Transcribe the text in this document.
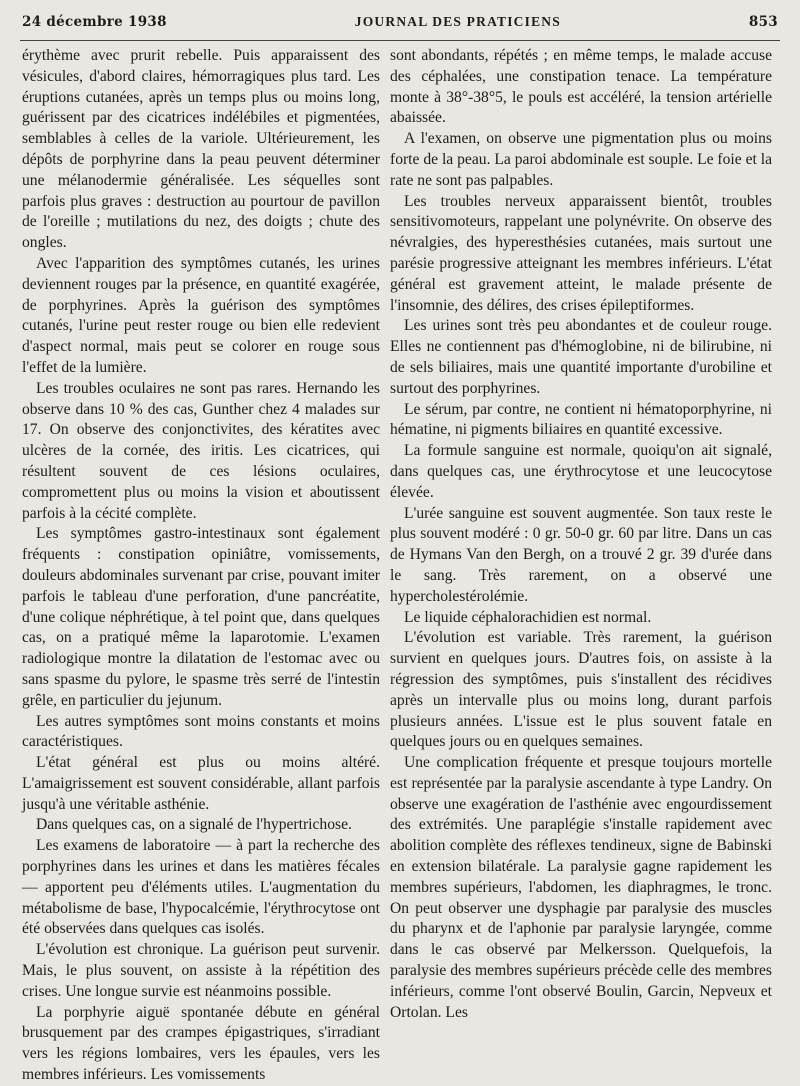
24 décembre 1938	JOURNAL DES PRATICIENS	853

érythème avec prurit rebelle. Puis apparaissent des vésicules, d'abord claires, hémorragiques plus tard. Les éruptions cutanées, après un temps plus ou moins long, guérissent par des cicatrices indélébiles et pigmentées, semblables à celles de la variole. Ultérieurement, les dépôts de porphyrine dans la peau peuvent déterminer une mélanodermie généralisée. Les séquelles sont parfois plus graves : destruction au pourtour de pavillon de l'oreille ; mutilations du nez, des doigts ; chute des ongles.

Avec l'apparition des symptômes cutanés, les urines deviennent rouges par la présence, en quantité exagérée, de porphyrines. Après la guérison des symptômes cutanés, l'urine peut rester rouge ou bien elle redevient d'aspect normal, mais peut se colorer en rouge sous l'effet de la lumière.

Les troubles oculaires ne sont pas rares. Hernando les observe dans 10 % des cas, Gunther chez 4 malades sur 17. On observe des conjonctivites, des kératites avec ulcères de la cornée, des iritis. Les cicatrices, qui résultent souvent de ces lésions oculaires, compromettent plus ou moins la vision et aboutissent parfois à la cécité complète.

Les symptômes gastro-intestinaux sont également fréquents : constipation opiniâtre, vomissements, douleurs abdominales survenant par crise, pouvant imiter parfois le tableau d'une perforation, d'une pancréatite, d'une colique néphrétique, à tel point que, dans quelques cas, on a pratiqué même la laparotomie. L'examen radiologique montre la dilatation de l'estomac avec ou sans spasme du pylore, le spasme très serré de l'intestin grêle, en particulier du jejunum.

Les autres symptômes sont moins constants et moins caractéristiques.

L'état général est plus ou moins altéré. L'amaigrissement est souvent considérable, allant parfois jusqu'à une véritable asthénie.

Dans quelques cas, on a signalé de l'hypertrichose.

Les examens de laboratoire — à part la recherche des porphyrines dans les urines et dans les matières fécales — apportent peu d'éléments utiles. L'augmentation du métabolisme de base, l'hypocalcémie, l'érythrocytose ont été observées dans quelques cas isolés.

L'évolution est chronique. La guérison peut survenir. Mais, le plus souvent, on assiste à la répétition des crises. Une longue survie est néanmoins possible.

La porphyrie aiguë spontanée débute en général brusquement par des crampes épigastriques, s'irradiant vers les régions lombaires, vers les épaules, vers les membres inférieurs. Les vomissements

sont abondants, répétés ; en même temps, le malade accuse des céphalées, une constipation tenace. La température monte à 38°-38°5, le pouls est accéléré, la tension artérielle abaissée.

A l'examen, on observe une pigmentation plus ou moins forte de la peau. La paroi abdominale est souple. Le foie et la rate ne sont pas palpables.

Les troubles nerveux apparaissent bientôt, troubles sensitivomoteurs, rappelant une polynévrite. On observe des névralgies, des hyperesthésies cutanées, mais surtout une parésie progressive atteignant les membres inférieurs. L'état général est gravement atteint, le malade présente de l'insomnie, des délires, des crises épileptiformes.

Les urines sont très peu abondantes et de couleur rouge. Elles ne contiennent pas d'hémoglobine, ni de bilirubine, ni de sels biliaires, mais une quantité importante d'urobiline et surtout des porphyrines.

Le sérum, par contre, ne contient ni hématoporphyrine, ni hématine, ni pigments biliaires en quantité excessive.

La formule sanguine est normale, quoiqu'on ait signalé, dans quelques cas, une érythrocytose et une leucocytose élevée.

L'urée sanguine est souvent augmentée. Son taux reste le plus souvent modéré : 0 gr. 50-0 gr. 60 par litre. Dans un cas de Hymans Van den Bergh, on a trouvé 2 gr. 39 d'urée dans le sang. Très rarement, on a observé une hypercholestérolémie.

Le liquide céphalorachidien est normal.

L'évolution est variable. Très rarement, la guérison survient en quelques jours. D'autres fois, on assiste à la régression des symptômes, puis s'installent des récidives après un intervalle plus ou moins long, durant parfois plusieurs années. L'issue est le plus souvent fatale en quelques jours ou en quelques semaines.

Une complication fréquente et presque toujours mortelle est représentée par la paralysie ascendante à type Landry. On observe une exagération de l'asthénie avec engourdissement des extrémités. Une paraplégie s'installe rapidement avec abolition complète des réflexes tendineux, signe de Babinski en extension bilatérale. La paralysie gagne rapidement les membres supérieurs, l'abdomen, les diaphragmes, le tronc. On peut observer une dysphagie par paralysie des muscles du pharynx et de l'aphonie par paralysie laryngée, comme dans le cas observé par Melkersson. Quelquefois, la paralysie des membres supérieurs précède celle des membres inférieurs, comme l'ont observé Boulin, Garcin, Nepveux et Ortolan. Les
